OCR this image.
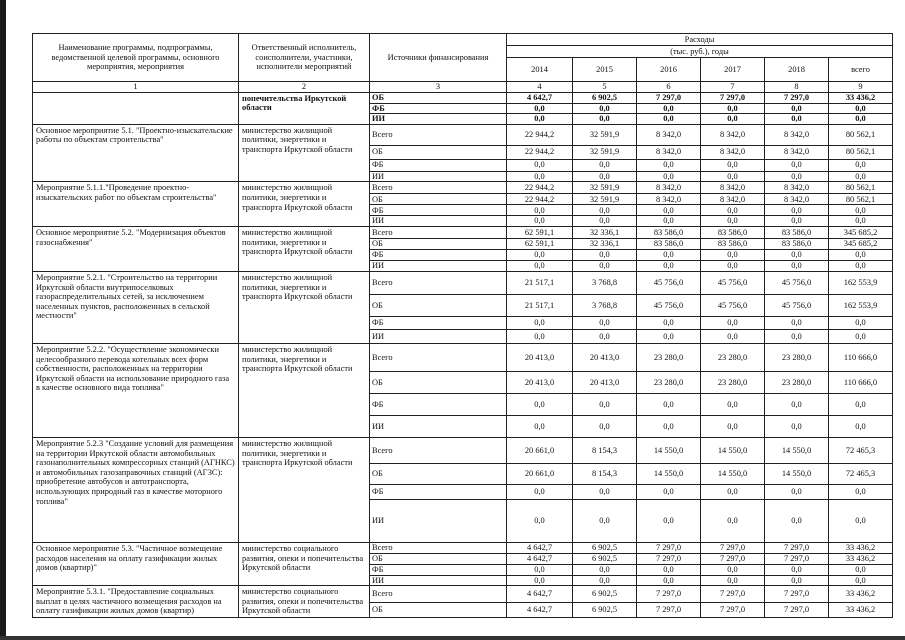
Наименование программы, подпрограммы, ведомственной целевой программы, основного мероприятия, мероприятия	Ответственный исполнитель, соисполнители, участники, исполнители мероприятий	Источники финансирования	Расходы					
			(тыс. руб.), годы					
			2014	2015	2016	2017	2018	всего
1	2	3	4	5	6	7	8	9
	попечительства Иркутской области	ОБ	4 642,7	6 902,5	7 297,0	7 297,0	7 297,0	33 436,2
		ФБ	0,0	0,0	0,0	0,0	0,0	0,0
		ИИ	0,0	0,0	0,0	0,0	0,0	0,0
Основное мероприятие 5.1. "Проектно-изыскательские работы по объектам строительства"	министерство жилищной политики, энергетики и транспорта Иркутской области	Всего	22 944,2	32 591,9	8 342,0	8 342,0	8 342,0	80 562,1
		ОБ	22 944,2	32 591,9	8 342,0	8 342,0	8 342,0	80 562,1
		ФБ	0,0	0,0	0,0	0,0	0,0	0,0
		ИИ	0,0	0,0	0,0	0,0	0,0	0,0
Мероприятие 5.1.1."Проведение проектно-изыскательских работ по объектам строительства"	министерство жилищной политики, энергетики и транспорта Иркутской области	Всего	22 944,2	32 591,9	8 342,0	8 342,0	8 342,0	80 562,1
		ОБ	22 944,2	32 591,9	8 342,0	8 342,0	8 342,0	80 562,1
		ФБ	0,0	0,0	0,0	0,0	0,0	0,0
		ИИ	0,0	0,0	0,0	0,0	0,0	0,0
Основное мероприятие 5.2. "Модернизация объектов газоснабжения"	министерство жилищной политики, энергетики и транспорта Иркутской области	Всего	62 591,1	32 336,1	83 586,0	83 586,0	83 586,0	345 685,2
		ОБ	62 591,1	32 336,1	83 586,0	83 586,0	83 586,0	345 685,2
		ФБ	0,0	0,0	0,0	0,0	0,0	0,0
		ИИ	0,0	0,0	0,0	0,0	0,0	0,0
Мероприятие 5.2.1. "Строительство на территории Иркутской области внутрипоселковых газораспределительных сетей, за исключением населенных пунктов, расположенных в сельской местности"	министерство жилищной политики, энергетики и транспорта Иркутской области	Всего	21 517,1	3 768,8	45 756,0	45 756,0	45 756,0	162 553,9
		ОБ	21 517,1	3 768,8	45 756,0	45 756,0	45 756,0	162 553,9
		ФБ	0,0	0,0	0,0	0,0	0,0	0,0
		ИИ	0,0	0,0	0,0	0,0	0,0	0,0
Мероприятие 5.2.2. "Осуществление экономически целесообразного перевода котельных всех форм собственности, расположенных на территории Иркутской области на использование природного газа в качестве основного вида топлива"	министерство жилищной политики, энергетики и транспорта Иркутской области	Всего	20 413,0	20 413,0	23 280,0	23 280,0	23 280,0	110 666,0
		ОБ	20 413,0	20 413,0	23 280,0	23 280,0	23 280,0	110 666,0
		ФБ	0,0	0,0	0,0	0,0	0,0	0,0
		ИИ	0,0	0,0	0,0	0,0	0,0	0,0
Мероприятие 5.2.3 "Создание условий для размещения на территории Иркутской области автомобильных газонаполнительных компрессорных станций (АГНКС) и автомобильных газозаправочных станций (АГЗС): приобретение автобусов и автотранспорта, использующих природный газ в качестве моторного топлива"	министерство жилищной политики, энергетики и транспорта Иркутской области	Всего	20 661,0	8 154,3	14 550,0	14 550,0	14 550,0	72 465,3
		ОБ	20 661,0	8 154,3	14 550,0	14 550,0	14 550,0	72 465,3
		ФБ	0,0	0,0	0,0	0,0	0,0	0,0
		ИИ	0,0	0,0	0,0	0,0	0,0	0,0
Основное мероприятие 5.3. "Частичное возмещение расходов населения на оплату газификации жилых домов (квартир)"	министерство социального развития, опеки и попечительства Иркутской области	Всего	4 642,7	6 902,5	7 297,0	7 297,0	7 297,0	33 436,2
		ОБ	4 642,7	6 902,5	7 297,0	7 297,0	7 297,0	33 436,2
		ФБ	0,0	0,0	0,0	0,0	0,0	0,0
		ИИ	0,0	0,0	0,0	0,0	0,0	0,0
Мероприятие 5.3.1. "Предоставление социальных выплат в целях частичного возмещения расходов на оплату газификации жилых домов (квартир)	министерство социального развития, опеки и попечительства Иркутской области	Всего	4 642,7	6 902,5	7 297,0	7 297,0	7 297,0	33 436,2
		ОБ	4 642,7	6 902,5	7 297,0	7 297,0	7 297,0	33 436,2
